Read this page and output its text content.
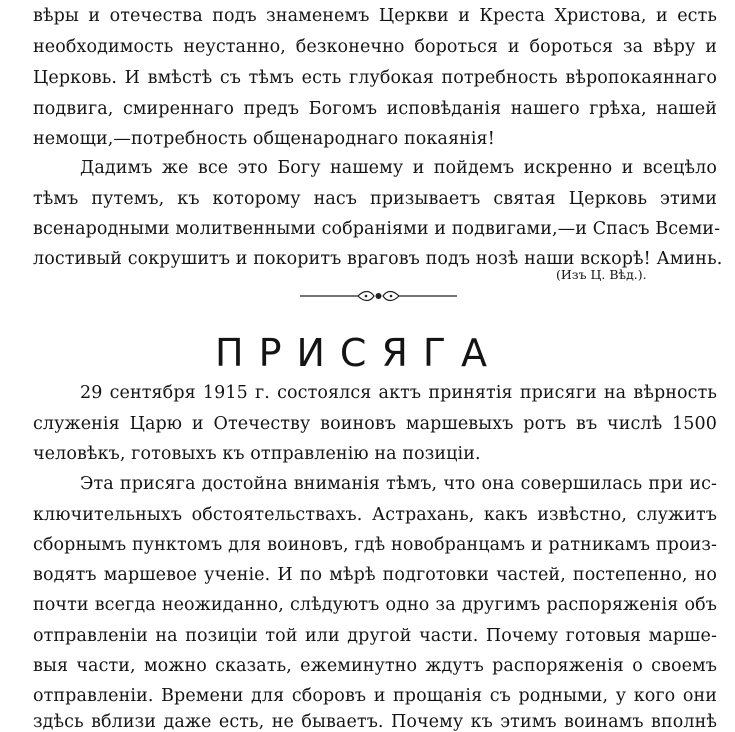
вѣры и отечества подъ знаменемъ Церкви и Креста Христова, и есть
необходимость неустанно, безконечно бороться и бороться за вѣру и
Церковь. И вмѣстѣ съ тѣмъ есть глубокая потребность вѣропокаяннаго
подвига, смиреннаго предъ Богомъ исповѣданія нашего грѣха, нашей
немощи,—потребность общенароднаго покаянія!
Дадимъ же все это Богу нашему и пойдемъ искренно и всецѣло
тѣмъ путемъ, къ которому насъ призываетъ святая Церковь этими
всенародными молитвенными собраніями и подвигами,—и Спасъ Всеми-
лостивый сокрушитъ и покоритъ враговъ подъ нозѣ наши вскорѣ! Аминь.
(Изъ Ц. Вѣд.).
ПРИСЯГА
29 сентября 1915 г. состоялся актъ принятія присяги на вѣрность
служенія Царю и Отечеству воиновъ маршевыхъ ротъ въ числѣ 1500
человѣкъ, готовыхъ къ отправленію на позиціи.
Эта присяга достойна вниманія тѣмъ, что она совершилась при ис-
ключительныхъ обстоятельствахъ. Астрахань, какъ извѣстно, служитъ
сборнымъ пунктомъ для воиновъ, гдѣ новобранцамъ и ратникамъ произ-
водятъ маршевое ученіе. И по мѣрѣ подготовки частей, постепенно, но
почти всегда неожиданно, слѣдуютъ одно за другимъ распоряженія объ
отправленіи на позиціи той или другой части. Почему готовыя марше-
выя части, можно сказать, ежеминутно ждутъ распоряженія о своемъ
отправленіи. Времени для сборовъ и прощанія съ родными, у кого они
здѣсь вблизи даже есть, не бываетъ. Почему къ этимъ воинамъ вполнѣ
